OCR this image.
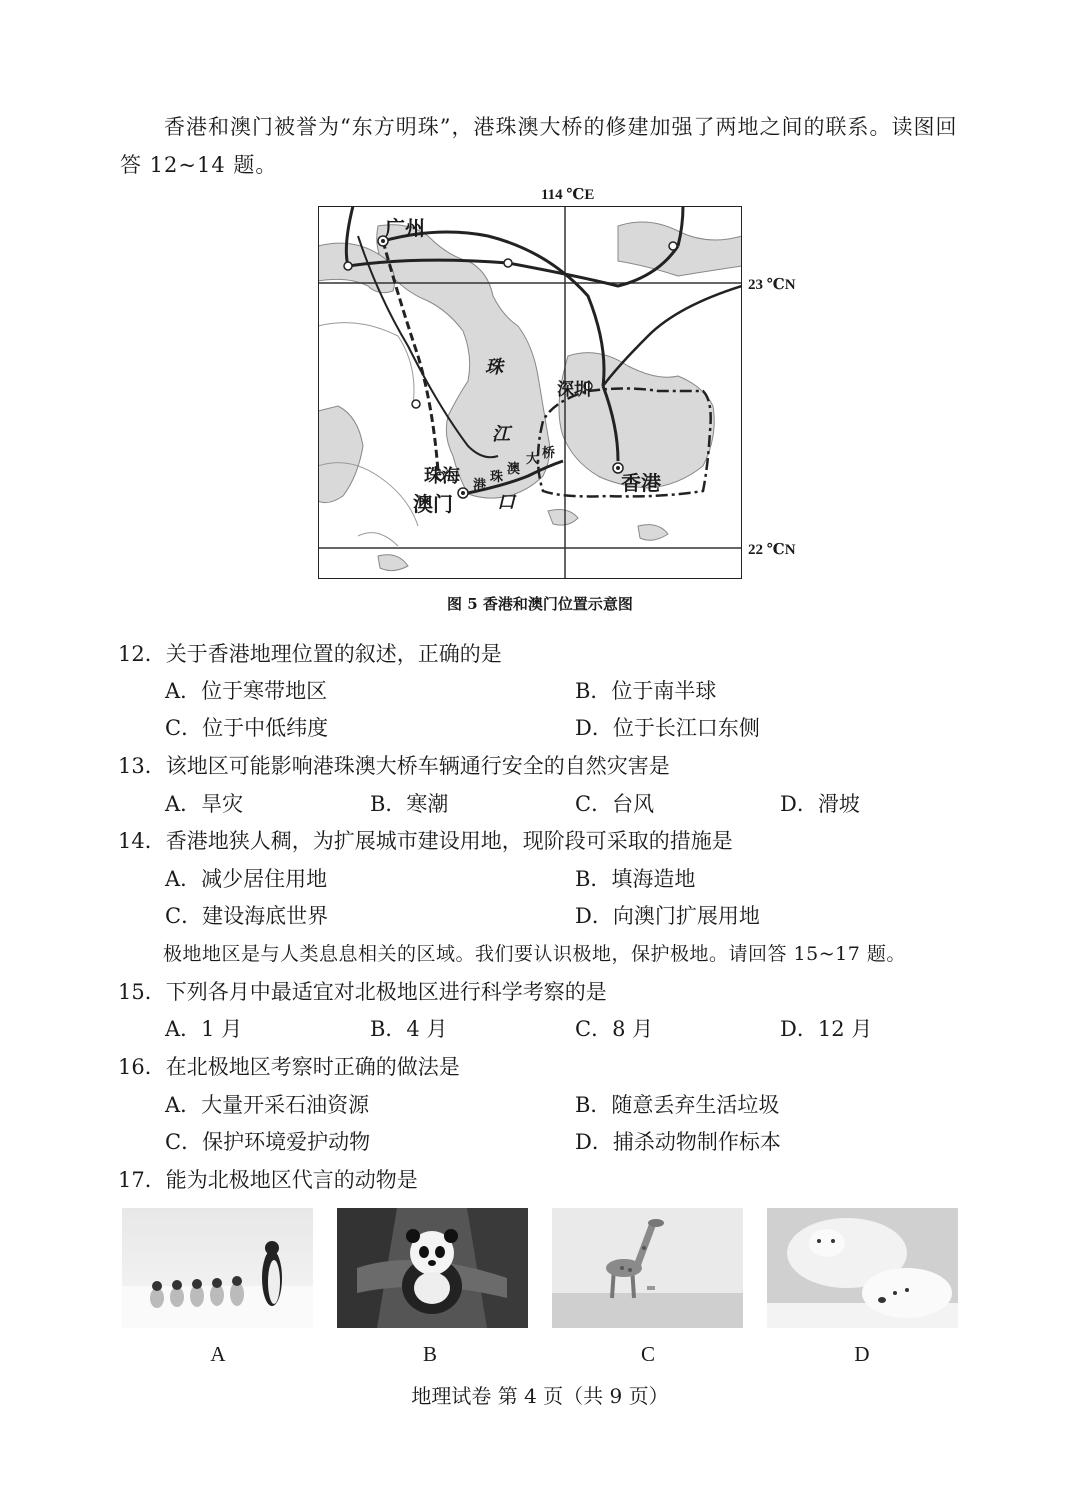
香港和澳门被誉为“东方明珠”，港珠澳大桥的修建加强了两地之间的联系。读图回
答 12~14 题。
114 ℃E
23 ℃N
22 ℃N
广州
深圳
珠海
澳门
香港
珠
江
口
港
珠
澳
大 桥
图 5 香港和澳门位置示意图
12．关于香港地理位置的叙述，正确的是
A．位于寒带地区	B．位于南半球
C．位于中低纬度	D．位于长江口东侧
13．该地区可能影响港珠澳大桥车辆通行安全的自然灾害是
A．旱灾	B．寒潮	C．台风	D．滑坡
14．香港地狭人稠，为扩展城市建设用地，现阶段可采取的措施是
A．减少居住用地	B．填海造地
C．建设海底世界	D．向澳门扩展用地
极地地区是与人类息息相关的区域。我们要认识极地，保护极地。请回答 15~17 题。
15．下列各月中最适宜对北极地区进行科学考察的是
A．1 月	B．4 月	C．8 月	D．12 月
16．在北极地区考察时正确的做法是
A．大量开采石油资源	B．随意丢弃生活垃圾
C．保护环境爱护动物	D．捕杀动物制作标本
17．能为北极地区代言的动物是
A	B	C	D
地理试卷 第 4 页（共 9 页）
